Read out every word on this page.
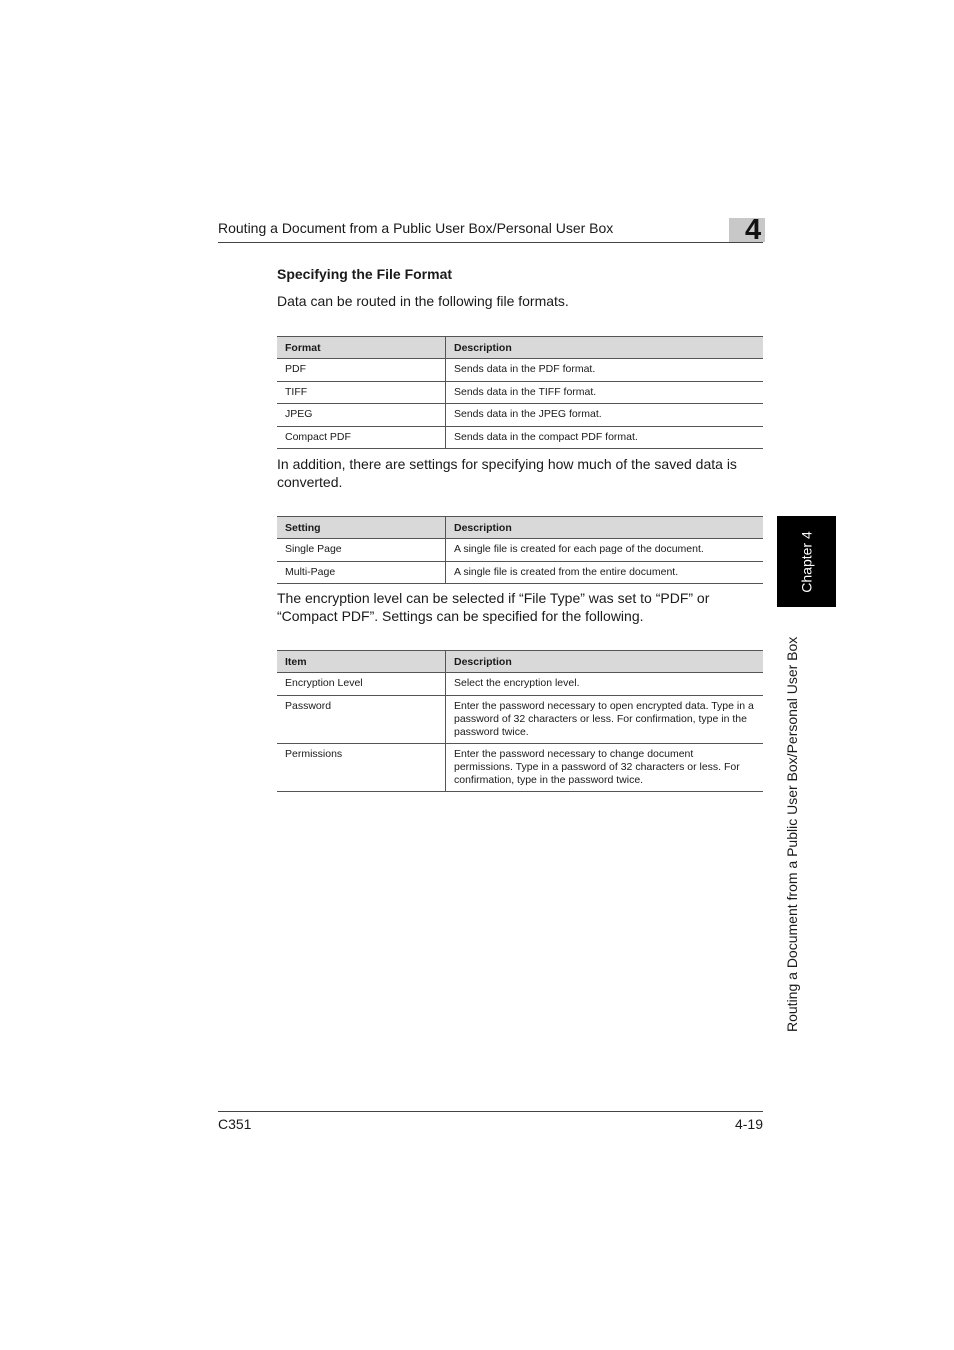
Routing a Document from a Public User Box/Personal User Box	4
Specifying the File Format
Data can be routed in the following file formats.
Format	Description
PDF	Sends data in the PDF format.
TIFF	Sends data in the TIFF format.
JPEG	Sends data in the JPEG format.
Compact PDF	Sends data in the compact PDF format.
In addition, there are settings for specifying how much of the saved data is converted.
Setting	Description
Single Page	A single file is created for each page of the document.
Multi-Page	A single file is created from the entire document.
The encryption level can be selected if “File Type” was set to “PDF” or “Compact PDF”. Settings can be specified for the following.
Item	Description
Encryption Level	Select the encryption level.
Password	Enter the password necessary to open encrypted data. Type in a password of 32 characters or less. For confirmation, type in the password twice.
Permissions	Enter the password necessary to change document permissions. Type in a password of 32 characters or less. For confirmation, type in the password twice.
Chapter 4
Routing a Document from a Public User Box/Personal User Box
C351	4-19
